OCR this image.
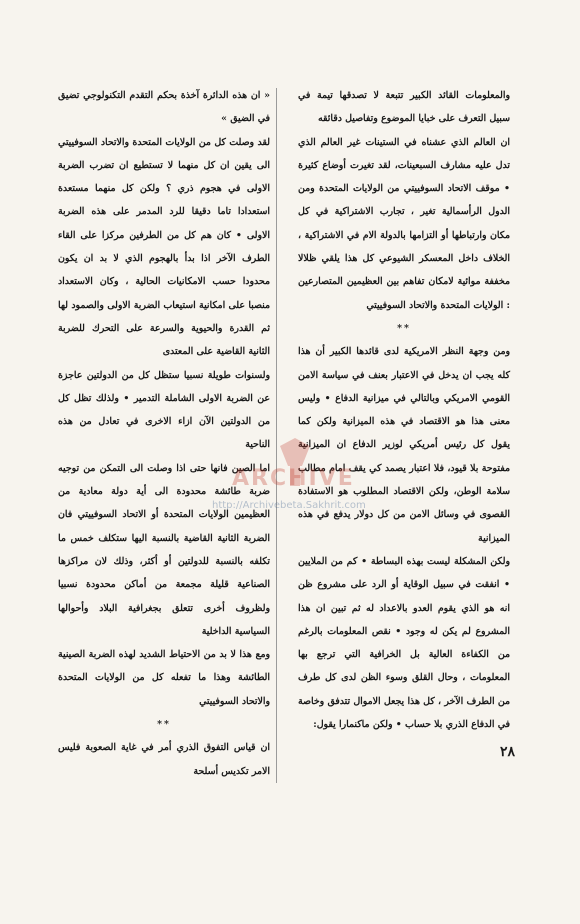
والمعلومات القائد الكبير تتبعة لا تصدقها تيمة في سبيل التعرف على خبايا الموضوع وتفاصيل دقائقه

ان العالم الذي عشناه في الستينات غير العالم الذي تدل عليه مشارف السبعينات، لقد تغيرت أوضاع كثيرة • موقف الاتحاد السوفييتي من الولايات المتحدة ومن الدول الرأسمالية تغير ، تجارب الاشتراكية في كل مكان وارتباطها أو التزامها بالدولة الام في الاشتراكية ، الخلاف داخل المعسكر الشيوعي كل هذا يلقي ظلالا مخففة موائية لامكان تفاهم بين العظيمين المتصارعين : الولايات المتحدة والاتحاد السوفييتي

**

ومن وجهة النظر الامريكية لدى قائدها الكبير أن هذا كله يجب ان يدخل في الاعتبار بعنف في سياسة الامن القومي الامريكي وبالتالي في ميزانية الدفاع • وليس معنى هذا هو الاقتصاد في هذه الميزانية ولكن كما يقول كل رئيس أمريكي لوزير الدفاع ان الميزانية مفتوحة بلا قيود، فلا اعتبار يصمد كي يقف امام مطالب سلامة الوطن، ولكن الاقتصاد المطلوب هو الاستفادة القصوى في وسائل الامن من كل دولار يدفع في هذه الميزانية

ولكن المشكلة ليست بهذه البساطة • كم من الملايين • انفقت في سبيل الوقاية أو الرد على مشروع ظن انه هو الذي يقوم العدو بالاعداد له ثم تبين ان هذا المشروع لم يكن له وجود • نقص المعلومات بالرغم من الكفاءة العالية بل الخرافية التي ترجع بها المعلومات ، وحال القلق وسوء الظن لدى كل طرف من الطرف الآخر ، كل هذا يجعل الاموال تتدفق وخاصة في الدفاع الذري بلا حساب • ولكن ماكنمارا يقول:

« ان هذه الدائرة آخذة بحكم التقدم التكنولوجي تضيق في الضيق »

لقد وصلت كل من الولايات المتحدة والاتحاد السوفييتي الى يقين ان كل منهما لا تستطيع ان تضرب الضربة الاولى في هجوم ذري ؟ ولكن كل منهما مستعدة استعدادا تاما دقيقا للرد المدمر على هذه الضربة الاولى • كان هم كل من الطرفين مركزا على القاء الطرف الآخر اذا بدأ بالهجوم الذي لا بد ان يكون محدودا حسب الامكانيات الحالية ، وكان الاستعداد منصبا على امكانية استيعاب الضربة الاولى والصمود لها ثم القدرة والحيوية والسرعة على التحرك للضربة الثانية القاضية على المعتدى

ولسنوات طويلة نسبيا ستظل كل من الدولتين عاجزة عن الضربة الاولى الشاملة التدمير • ولذلك تظل كل من الدولتين الآن ازاء الاخرى في تعادل من هذه الناحية

اما الصين فانها حتى اذا وصلت الى التمكن من توجيه ضربة طائشة محدودة الى أية دولة معادية من العظيمين الولايات المتحدة أو الاتحاد السوفييتي فان الضربة الثانية القاضية بالنسبة اليها ستكلف خمس ما تكلفه بالنسبة للدولتين أو أكثر، وذلك لان مراكزها الصناعية قليلة مجمعة من أماكن محدودة نسبيا ولظروف أخرى تتعلق بجغرافية البلاد وأحوالها السياسية الداخلية

ومع هذا لا بد من الاحتياط الشديد لهذه الضربة الصينية الطائشة وهذا ما تفعله كل من الولايات المتحدة والاتحاد السوفييتي

**

ان قياس التفوق الذري أمر في غاية الصعوبة فليس الامر تكديس أسلحة

ARCHIVE
http://Archivebeta.Sakhrit.com
٢٨
